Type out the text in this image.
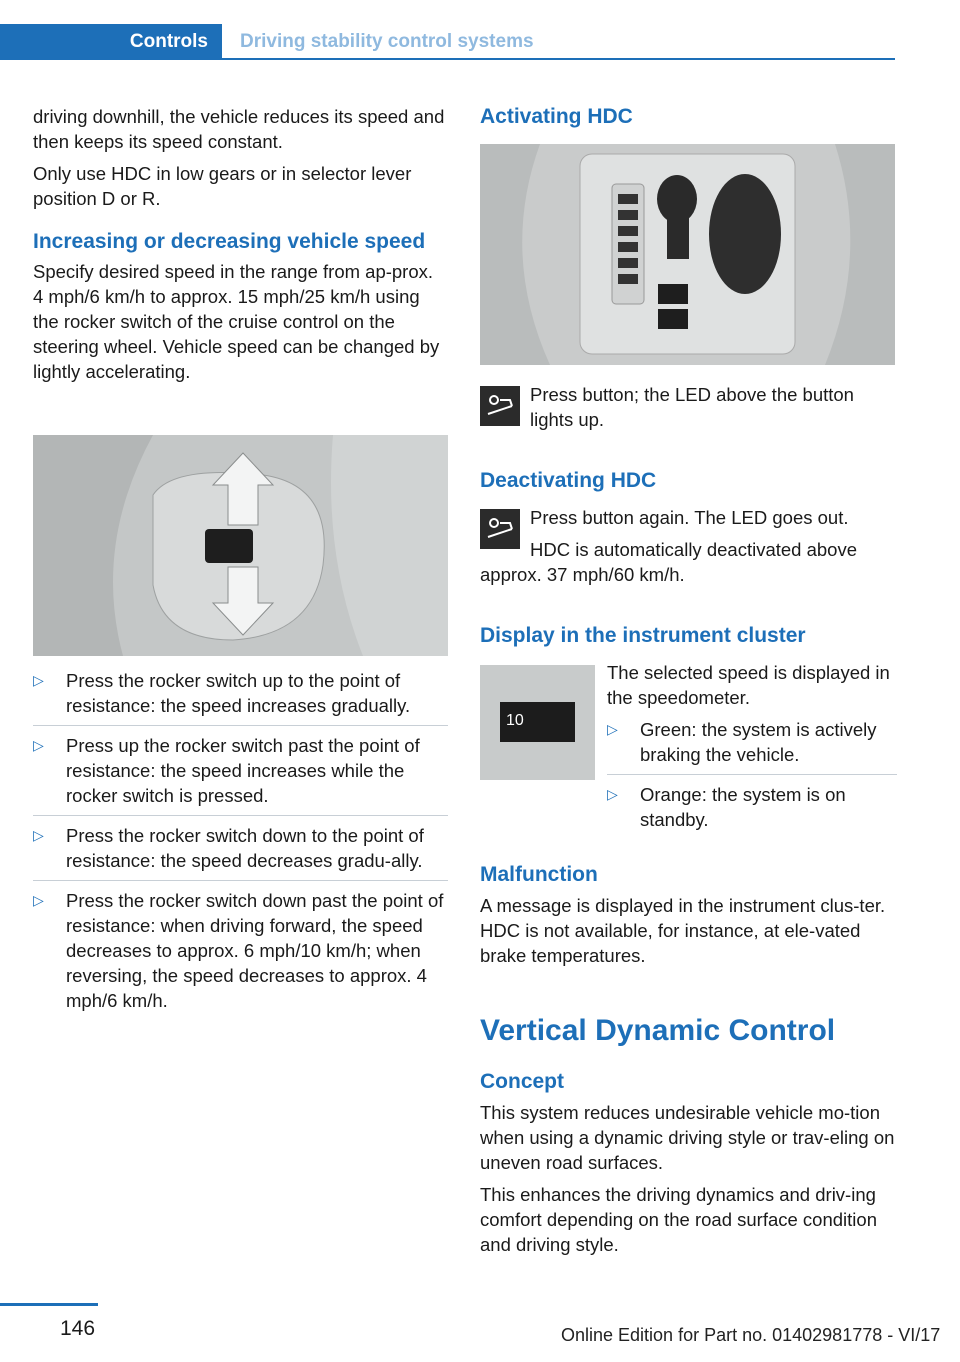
Controls	Driving stability control systems

driving downhill, the vehicle reduces its speed and then keeps its speed constant.

Only use HDC in low gears or in selector lever position D or R.

Increasing or decreasing vehicle speed

Specify desired speed in the range from ap-prox. 4 mph/6 km/h to approx. 15 mph/25 km/h using the rocker switch of the cruise control on the steering wheel. Vehicle speed can be changed by lightly accelerating.

▷ Press the rocker switch up to the point of resistance: the speed increases gradually.
▷ Press up the rocker switch past the point of resistance: the speed increases while the rocker switch is pressed.
▷ Press the rocker switch down to the point of resistance: the speed decreases gradu-ally.
▷ Press the rocker switch down past the point of resistance: when driving forward, the speed decreases to approx. 6 mph/10 km/h; when reversing, the speed decreases to approx. 4 mph/6 km/h.
Activating HDC

Press button; the LED above the button lights up.

Deactivating HDC

Press button again. The LED goes out.

HDC is automatically deactivated above approx. 37 mph/60 km/h.

Display in the instrument cluster
10

The selected speed is displayed in the speedometer.

▷ Green: the system is actively braking the vehicle.
▷ Orange: the system is on standby.
Malfunction

A message is displayed in the instrument clus-ter. HDC is not available, for instance, at ele-vated brake temperatures.

Vertical Dynamic Control
Concept

This system reduces undesirable vehicle mo-tion when using a dynamic driving style or trav-eling on uneven road surfaces.

This enhances the driving dynamics and driv-ing comfort depending on the road surface condition and driving style.

146	Online Edition for Part no. 01402981778 - VI/17
